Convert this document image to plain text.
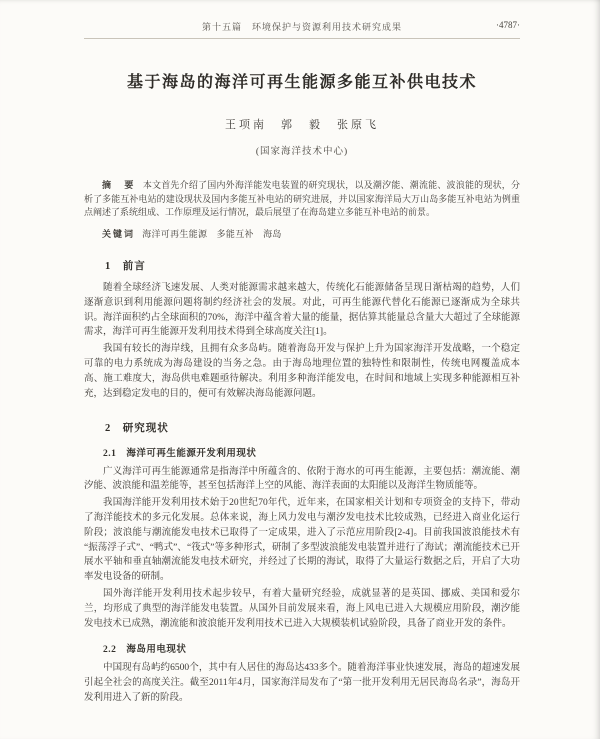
第十五篇　环境保护与资源利用技术研究成果	·4787·
基于海岛的海洋可再生能源多能互补供电技术
王项南　郭　毅　张原飞
(国家海洋技术中心)

摘　要 本文首先介绍了国内外海洋能发电装置的研究现状，以及潮汐能、潮流能、波浪能的现状，分析了多能互补电站的建设现状及国内多能互补电站的研究进展，并以国家海洋局大万山岛多能互补电站为例重点阐述了系统组成、工作原理及运行情况，最后展望了在海岛建立多能互补电站的前景。

关键词 海洋可再生能源　多能互补　海岛

1　前言

随着全球经济飞速发展、人类对能源需求越来越大，传统化石能源储备呈现日渐枯竭的趋势，人们逐渐意识到利用能源问题将制约经济社会的发展。对此，可再生能源代替化石能源已逐渐成为全球共识。海洋面积约占全球面积的70%，海洋中蕴含着大量的能量，据估算其能量总含量大大超过了全球能源需求，海洋可再生能源开发利用技术得到全球高度关注[1]。

我国有较长的海岸线，且拥有众多岛屿。随着海岛开发与保护上升为国家海洋开发战略，一个稳定可靠的电力系统成为海岛建设的当务之急。由于海岛地理位置的独特性和限制性，传统电网覆盖成本高、施工难度大，海岛供电难题亟待解决。利用多种海洋能发电，在时间和地域上实现多种能源相互补充，达到稳定发电的目的，便可有效解决海岛能源问题。

2　研究现状
2.1　海洋可再生能源开发利用现状

广义海洋可再生能源通常是指海洋中所蕴含的、依附于海水的可再生能源，主要包括：潮流能、潮汐能、波浪能和温差能等，甚至包括海洋上空的风能、海洋表面的太阳能以及海洋生物质能等。

我国海洋能开发利用技术始于20世纪70年代，近年来，在国家相关计划和专项资金的支持下，带动了海洋能技术的多元化发展。总体来说，海上风力发电与潮汐发电技术比较成熟，已经进入商业化运行阶段；波浪能与潮流能发电技术已取得了一定成果，进入了示范应用阶段[2-4]。目前我国波浪能技术有“振荡浮子式”、“鸭式”、“筏式”等多种形式，研制了多型波浪能发电装置并进行了海试；潮流能技术已开展水平轴和垂直轴潮流能发电技术研究，并经过了长期的海试，取得了大量运行数据之后，开启了大功率发电设备的研制。

国外海洋能开发利用技术起步较早，有着大量研究经验，成就显著的是英国、挪威、美国和爱尔兰，均形成了典型的海洋能发电装置。从国外目前发展来看，海上风电已进入大规模应用阶段，潮汐能发电技术已成熟，潮流能和波浪能开发利用技术已进入大规模装机试验阶段，具备了商业开发的条件。

2.2　海岛用电现状

中国现有岛屿约6500个，其中有人居住的海岛达433多个。随着海洋事业快速发展，海岛的超速发展引起全社会的高度关注。截至2011年4月，国家海洋局发布了“第一批开发利用无居民海岛名录”，海岛开发利用进入了新的阶段。
